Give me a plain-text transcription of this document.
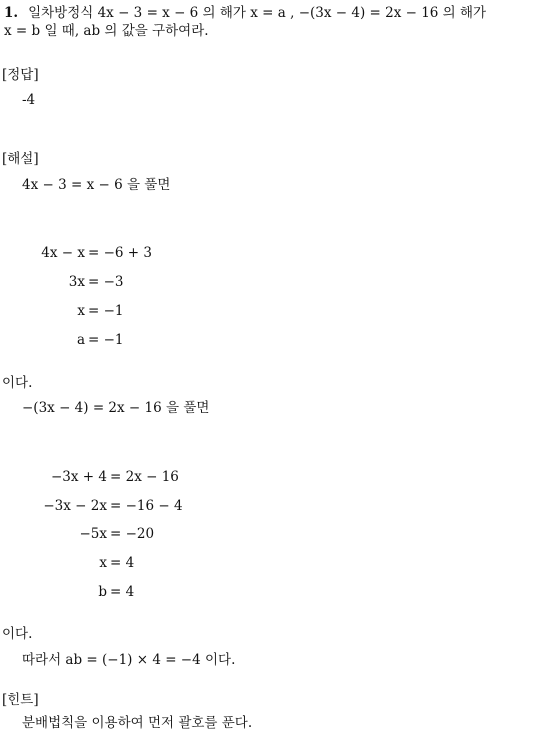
1. 일차방정식 4x − 3 = x − 6 의 해가 x = a , −(3x − 4) = 2x − 16 의 해가
x = b 일 때, ab 의 값을 구하여라.
[정답]
-4
[해설]
4x − 3 = x − 6 을 풀면
4x − x = −6 + 3
3x = −3
x = −1
a = −1
이다.
−(3x − 4) = 2x − 16 을 풀면
−3x + 4 = 2x − 16
−3x − 2x = −16 − 4
−5x = −20
x = 4
b = 4
이다.
따라서 ab = (−1) × 4 = −4 이다.
[힌트]
분배법칙을 이용하여 먼저 괄호를 푼다.
